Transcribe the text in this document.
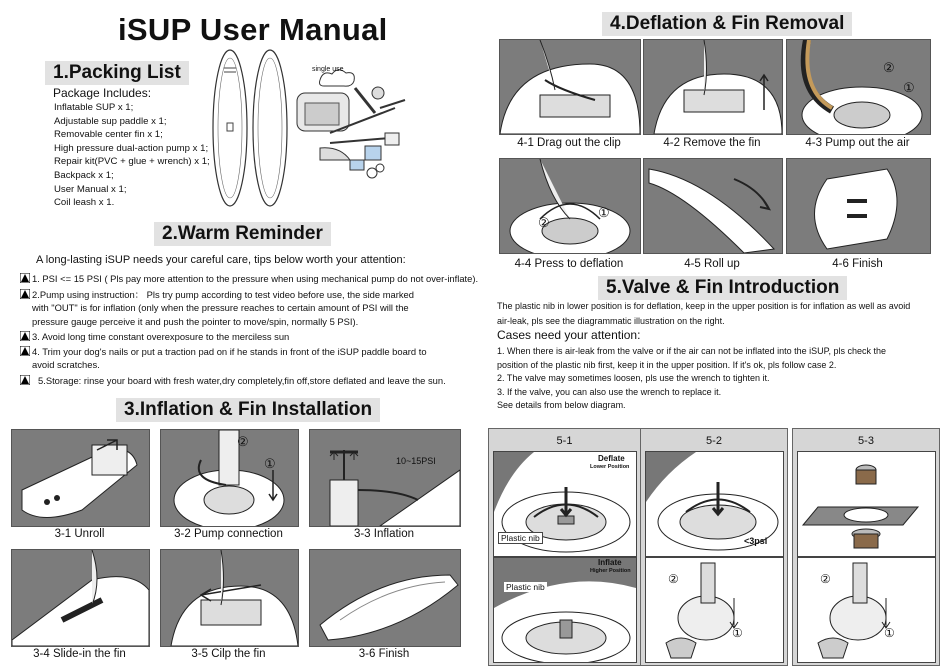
iSUP User Manual
1.Packing List
Package Includes:
Inflatable SUP x 1;
Adjustable sup paddle x 1;
Removable center fin x 1;
High pressure dual-action pump x 1;
Repair kit(PVC + glue + wrench) x 1;
Backpack x 1;
User Manual x 1;
Coil leash x 1.
single use
2.Warm Reminder
A long-lasting iSUP needs your careful care, tips below worth your attention:
1. PSI <= 15 PSI ( Pls pay more attention to the pressure when using mechanical pump do not over-inflate).
2.Pump using instruction： Pls try pump according to test video before use, the side marked
with "OUT" is for inflation (only when the pressure reaches to certain amount of PSI will the
pressure gauge perceive it and push the pointer to move/spin, normally 5 PSI).
3. Avoid long time constant overexposure to the merciless sun
4. Trim your dog's nails or put a traction pad on if he stands in front of the iSUP paddle board to
avoid scratches.
5.Storage: rinse your board with fresh water,dry completely,fin off,store deflated and leave the sun.
3.Inflation & Fin Installation
②
①	10~15PSI
3-1 Unroll	3-2 Pump connection	3-3 Inflation
3-4 Slide-in the fin	3-5 Cilp the fin	3-6 Finish
4.Deflation & Fin Removal
①
②
4-1 Drag out the clip	4-2 Remove the fin	4-3 Pump out the air
②
①
4-4 Press to deflation	4-5 Roll up	4-6 Finish
5.Valve & Fin Introduction
The plastic nib in lower position is for deflation, keep in the upper position is for inflation as well as avoid
air-leak, pls see the diagrammatic illustration on the right.
Cases need your attention:
1. When there is air-leak from the valve or if the air can not be inflated into the iSUP, pls check the
position of the plastic nib first, keep it in the upper position. If it's ok, pls follow case 2.
2. The valve may sometimes loosen, pls use the wrench to tighten it.
3. If the valve, you can also use the wrench to replace it.
See details from below diagram.
5-1
Deflate
Lower Position
Plastic nib
Inflate
Higher Position
Plastic nib
5-2
<3psi
②
①
5-3
②
①
